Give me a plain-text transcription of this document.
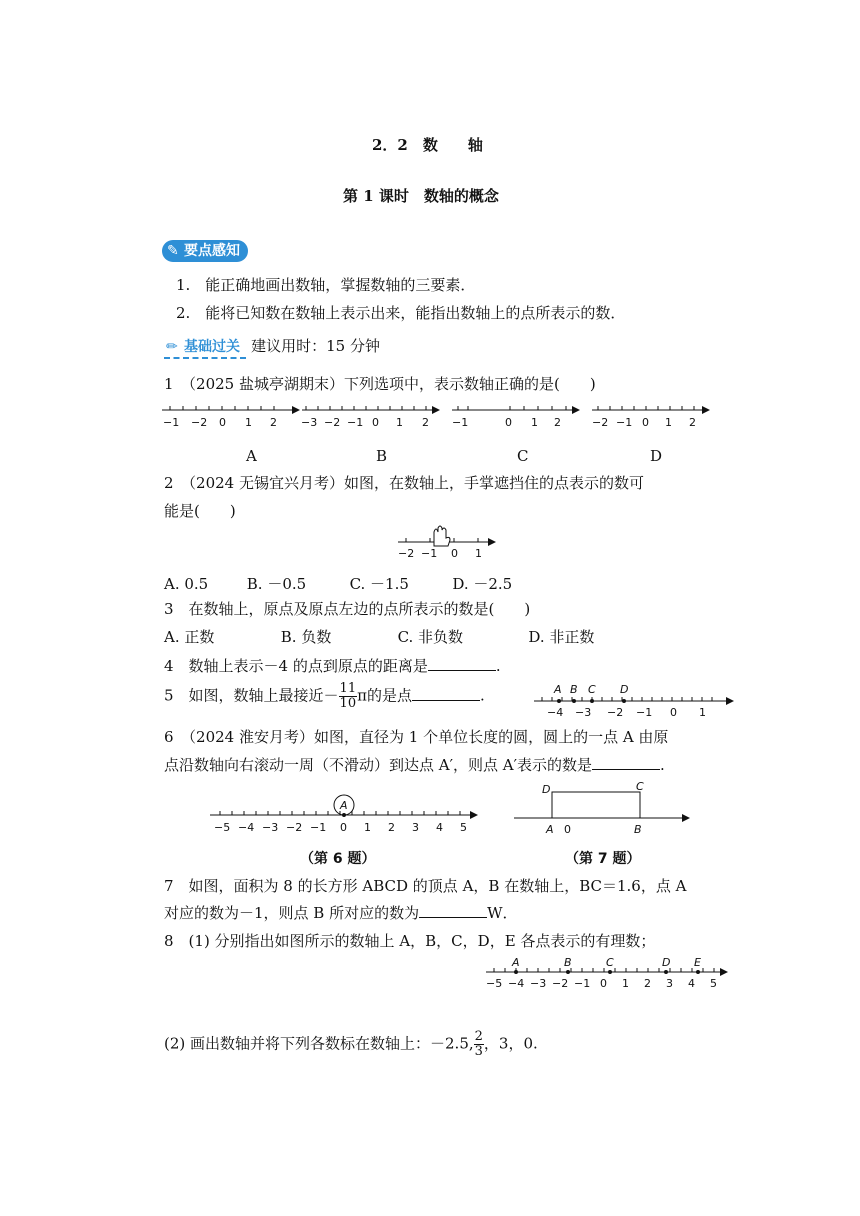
2．2　数　　轴
第 1 课时　数轴的概念
✎ 要点感知
1.　能正确地画出数轴，掌握数轴的三要素．
2.　能将已知数在数轴上表示出来，能指出数轴上的点所表示的数．
✏ 基础过关 建议用时：15 分钟
1　（2025 盐城亭湖期末）下列选项中，表示数轴正确的是(　　)
−1 −2 0 1 2 −3 −2 −1 0 1 2 −1	0 1 2	−2 −1 0 1 2
A	B	C	D
2　（2024 无锡宜兴月考）如图，在数轴上，手掌遮挡住的点表示的数可
能是(　　)
−2 −1 0 1
A. 0.5	B. －0.5	C. －1.5	D. －2.5
3　在数轴上，原点及原点左边的点所表示的数是(　　)
A. 正数	B. 负数	C. 非负数	D. 非正数
4　数轴上表示－4 的点到原点的距离是	.
5　如图，数轴上最接近－ $\frac{11}{10}$ π的是点	.	A B C D
−4 −3 −2 −1 0 1
6　（2024 淮安月考）如图，直径为 1 个单位长度的圆，圆上的一点 A 由原
点沿数轴向右滚动一周（不滑动）到达点 A′，则点 A′表示的数是	.
A
−5 −4 −3 −2 −1 0 1 2 3 4 5
（第 6 题）
D	C
A 0	B
（第 7 题）
7　如图，面积为 8 的长方形 ABCD 的顶点 A，B 在数轴上，BC＝1.6，点 A
对应的数为－1，则点 B 所对应的数为	W．
8　(1) 分别指出如图所示的数轴上 A，B，C，D，E 各点表示的有理数；
A	B	C	D E
−5 −4 −3 −2 −1 0 1 2 3 4 5
(2) 画出数轴并将下列各数标在数轴上：－2.5, $\frac{2}{3}$ ，3，0.
